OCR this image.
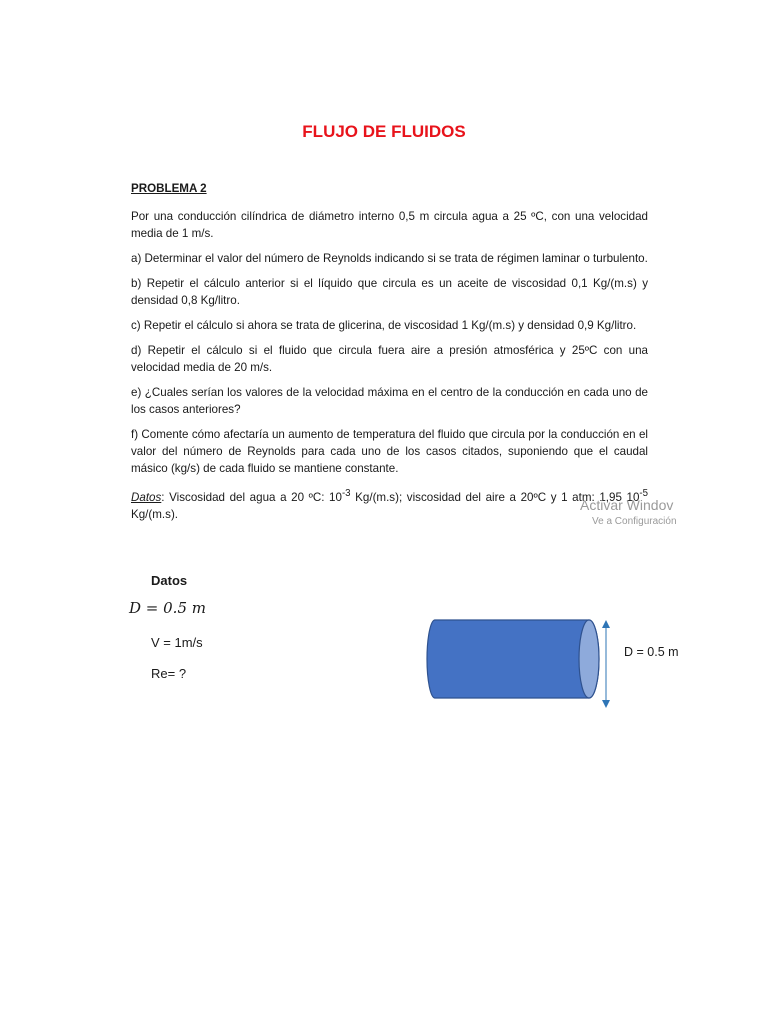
FLUJO DE FLUIDOS
PROBLEMA 2

Por una conducción cilíndrica de diámetro interno 0,5 m circula agua a 25 ºC, con una velocidad media de 1 m/s.

a) Determinar el valor del número de Reynolds indicando si se trata de régimen laminar o turbulento.

b) Repetir el cálculo anterior si el líquido que circula es un aceite de viscosidad 0,1 Kg/(m.s) y densidad 0,8 Kg/litro.

c) Repetir el cálculo si ahora se trata de glicerina, de viscosidad 1 Kg/(m.s) y densidad 0,9 Kg/litro.

d) Repetir el cálculo si el fluido que circula fuera aire a presión atmosférica y 25ºC con una velocidad media de 20 m/s.

e) ¿Cuales serían los valores de la velocidad máxima en el centro de la conducción en cada uno de los casos anteriores?

f) Comente cómo afectaría un aumento de temperatura del fluido que circula por la conducción en el valor del número de Reynolds para cada uno de los casos citados, suponiendo que el caudal másico (kg/s) de cada fluido se mantiene constante.

Datos: Viscosidad del agua a 20 ºC: $10^{-3}$ Kg/(m.s); viscosidad del aire a 20ºC y 1 atm: 1,95 $10^{-5}$ Kg/(m.s).

Activar Windov
Ve a Configuración
Datos
D = 0.5 m
V = 1m/s
Re= ?
D = 0.5 m
